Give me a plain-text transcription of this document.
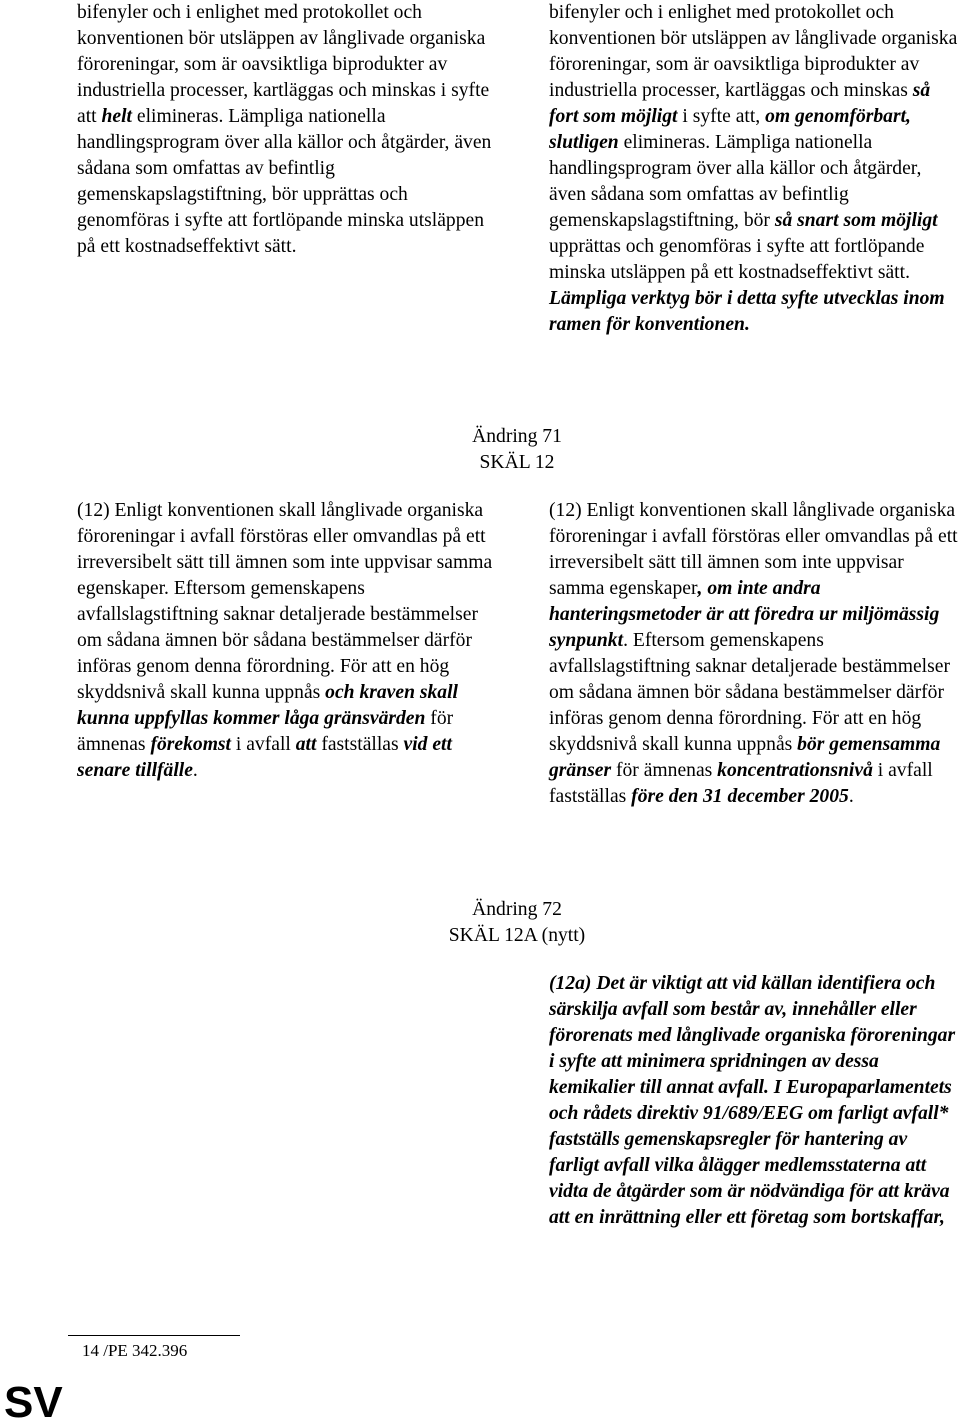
bifenyler och i enlighet med protokollet och konventionen bör utsläppen av långlivade organiska föroreningar, som är oavsiktliga biprodukter av industriella processer, kartläggas och minskas i syfte att helt elimineras. Lämpliga nationella handlingsprogram över alla källor och åtgärder, även sådana som omfattas av befintlig gemenskapslagstiftning, bör upprättas och genomföras i syfte att fortlöpande minska utsläppen på ett kostnadseffektivt sätt.

bifenyler och i enlighet med protokollet och konventionen bör utsläppen av långlivade organiska föroreningar, som är oavsiktliga biprodukter av industriella processer, kartläggas och minskas så fort som möjligt i syfte att, om genomförbart, slutligen elimineras. Lämpliga nationella handlingsprogram över alla källor och åtgärder, även sådana som omfattas av befintlig gemenskapslagstiftning, bör så snart som möjligt upprättas och genomföras i syfte att fortlöpande minska utsläppen på ett kostnadseffektivt sätt. Lämpliga verktyg bör i detta syfte utvecklas inom ramen för konventionen.

Ändring 71
SKÄL 12

(12) Enligt konventionen skall långlivade organiska föroreningar i avfall förstöras eller omvandlas på ett irreversibelt sätt till ämnen som inte uppvisar samma egenskaper. Eftersom gemenskapens avfallslagstiftning saknar detaljerade bestämmelser om sådana ämnen bör sådana bestämmelser därför införas genom denna förordning. För att en hög skyddsnivå skall kunna uppnås och kraven skall kunna uppfyllas kommer låga gränsvärden för ämnenas förekomst i avfall att fastställas vid ett senare tillfälle.

(12) Enligt konventionen skall långlivade organiska föroreningar i avfall förstöras eller omvandlas på ett irreversibelt sätt till ämnen som inte uppvisar samma egenskaper, om inte andra hanteringsmetoder är att föredra ur miljömässig synpunkt. Eftersom gemenskapens avfallslagstiftning saknar detaljerade bestämmelser om sådana ämnen bör sådana bestämmelser därför införas genom denna förordning. För att en hög skyddsnivå skall kunna uppnås bör gemensamma gränser för ämnenas koncentrationsnivå i avfall fastställas före den 31 december 2005.

Ändring 72
SKÄL 12A (nytt)

(12a) Det är viktigt att vid källan identifiera och särskilja avfall som består av, innehåller eller förorenats med långlivade organiska föroreningar i syfte att minimera spridningen av dessa kemikalier till annat avfall. I Europaparlamentets och rådets direktiv 91/689/EEG om farligt avfall* fastställs gemenskapsregler för hantering av farligt avfall vilka ålägger medlemsstaterna att vidta de åtgärder som är nödvändiga för att kräva att en inrättning eller ett företag som bortskaffar,

14 /PE 342.396
SV
